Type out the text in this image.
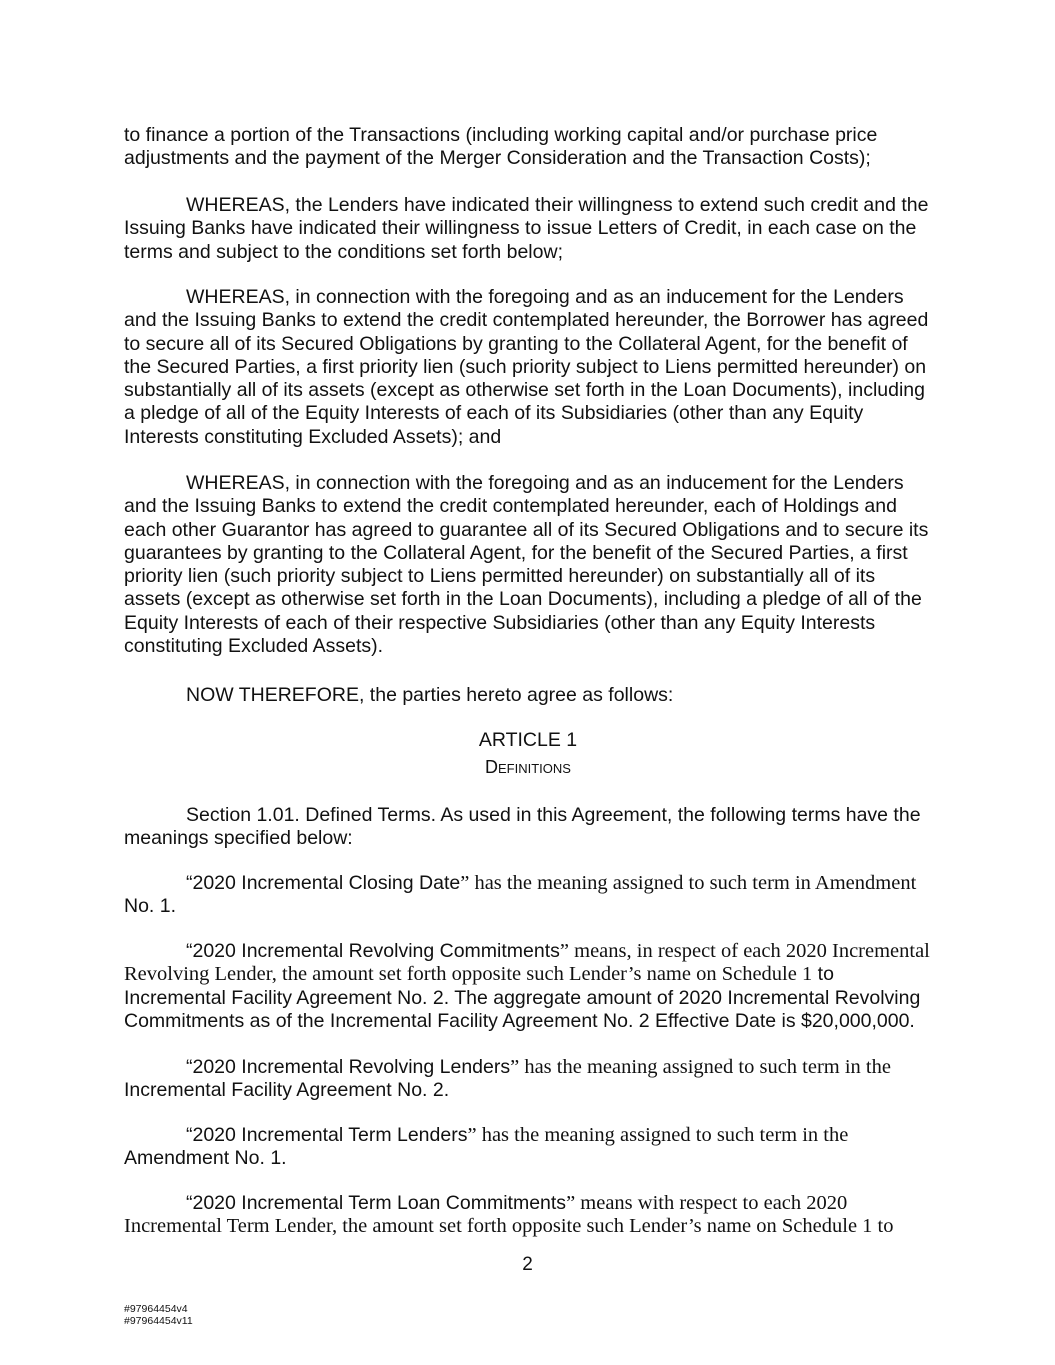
to finance a portion of the Transactions (including working capital and/or purchase price adjustments and the payment of the Merger Consideration and the Transaction Costs);

WHEREAS, the Lenders have indicated their willingness to extend such credit and the Issuing Banks have indicated their willingness to issue Letters of Credit, in each case on the terms and subject to the conditions set forth below;

WHEREAS, in connection with the foregoing and as an inducement for the Lenders and the Issuing Banks to extend the credit contemplated hereunder, the Borrower has agreed to secure all of its Secured Obligations by granting to the Collateral Agent, for the benefit of the Secured Parties, a first priority lien (such priority subject to Liens permitted hereunder) on substantially all of its assets (except as otherwise set forth in the Loan Documents), including a pledge of all of the Equity Interests of each of its Subsidiaries (other than any Equity Interests constituting Excluded Assets); and

WHEREAS, in connection with the foregoing and as an inducement for the Lenders and the Issuing Banks to extend the credit contemplated hereunder, each of Holdings and each other Guarantor has agreed to guarantee all of its Secured Obligations and to secure its guarantees by granting to the Collateral Agent, for the benefit of the Secured Parties, a first priority lien (such priority subject to Liens permitted hereunder) on substantially all of its assets (except as otherwise set forth in the Loan Documents), including a pledge of all of the Equity Interests of each of their respective Subsidiaries (other than any Equity Interests constituting Excluded Assets).

NOW THEREFORE, the parties hereto agree as follows:

ARTICLE 1
Definitions

Section 1.01. Defined Terms. As used in this Agreement, the following terms have the meanings specified below:

“2020 Incremental Closing Date” has the meaning assigned to such term in Amendment No. 1.

“2020 Incremental Revolving Commitments” means, in respect of each 2020 Incremental Revolving Lender, the amount set forth opposite such Lender’s name on Schedule 1 to Incremental Facility Agreement No. 2. The aggregate amount of 2020 Incremental Revolving Commitments as of the Incremental Facility Agreement No. 2 Effective Date is $20,000,000.

“2020 Incremental Revolving Lenders” has the meaning assigned to such term in the Incremental Facility Agreement No. 2.

“2020 Incremental Term Lenders” has the meaning assigned to such term in the Amendment No. 1.

“2020 Incremental Term Loan Commitments” means with respect to each 2020 Incremental Term Lender, the amount set forth opposite such Lender’s name on Schedule 1 to

2
#97964454v4
#97964454v11
